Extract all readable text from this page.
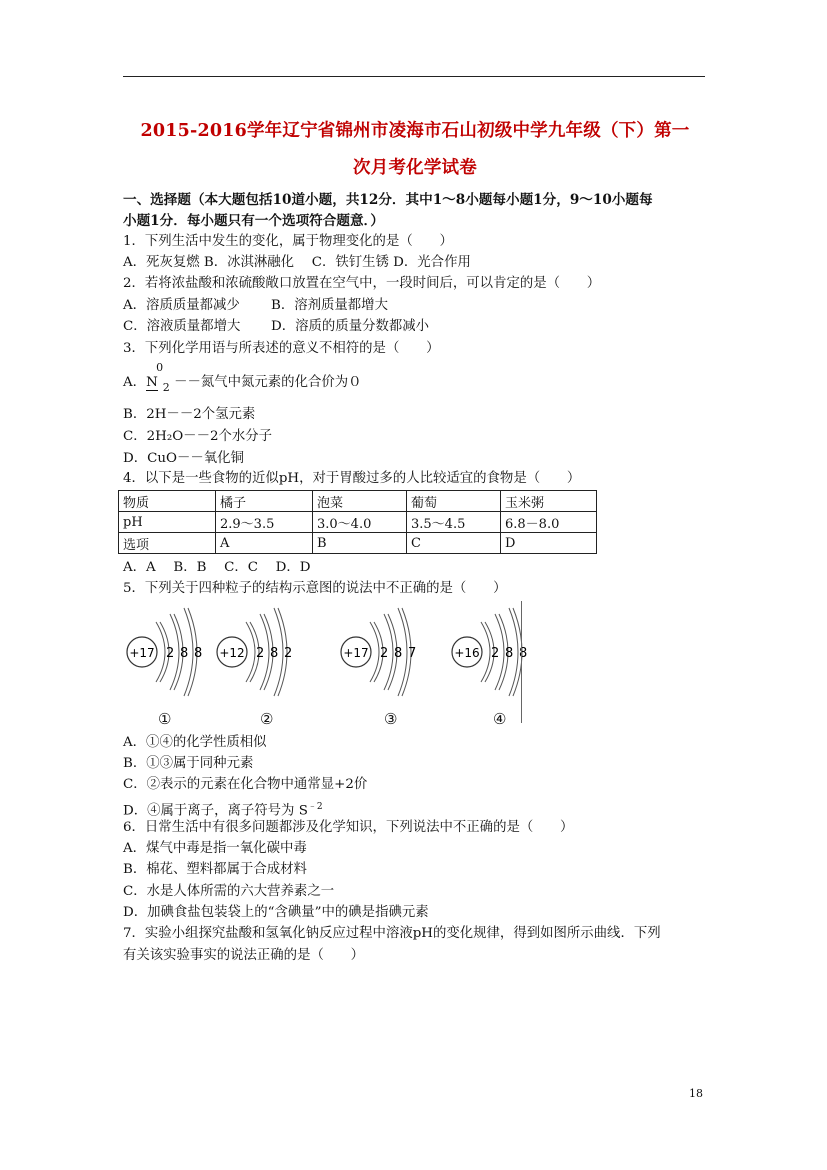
2015-2016学年辽宁省锦州市凌海市石山初级中学九年级（下）第一
次月考化学试卷
一、选择题（本大题包括10道小题，共12分．其中1～8小题每小题1分，9～10小题每
小题1分．每小题只有一个选项符合题意．）
1．下列生活中发生的变化，属于物理变化的是（　　）
A．死灰复燃 B．冰淇淋融化　 C．铁钉生锈 D．光合作用
2．若将浓盐酸和浓硫酸敞口放置在空气中，一段时间后，可以肯定的是（　　）
A．溶质质量都减少 B．溶剂质量都增大
C．溶液质量都增大 D．溶质的质量分数都减小
3．下列化学用语与所表述的意义不相符的是（　　）
A．
0
N $_2$ －－氮气中氮元素的化合价为０
B．2H－－2个氢元素
C．2H₂O－－2个水分子
D．CuO－－氧化铜
4．以下是一些食物的近似pH，对于胃酸过多的人比较适宜的食物是（　　）
物质	橘子	泡菜	葡萄	玉米粥
pH	2.9～3.5	3.0～4.0	3.5～4.5	6.8－8.0
选项	A	B	C	D
A．A　 B．B　 C．C　 D．D
5．下列关于四种粒子的结构示意图的说法中不正确的是（　　）
+17 2 8 8
①
+12 2 8 2
②
+17 2 8 7
③
+16 2 8 8
④
A．①④的化学性质相似
B．①③属于同种元素
C．②表示的元素在化合物中通常显+2价
D．④属于离子，离子符号为 $S^{﹣2}$
6．日常生活中有很多问题都涉及化学知识，下列说法中不正确的是（　　）
A．煤气中毒是指一氧化碳中毒
B．棉花、塑料都属于合成材料
C．水是人体所需的六大营养素之一
D．加碘食盐包装袋上的“含碘量”中的碘是指碘元素
7．实验小组探究盐酸和氢氧化钠反应过程中溶液pH的变化规律，得到如图所示曲线．下列
有关该实验事实的说法正确的是（　　）
18
